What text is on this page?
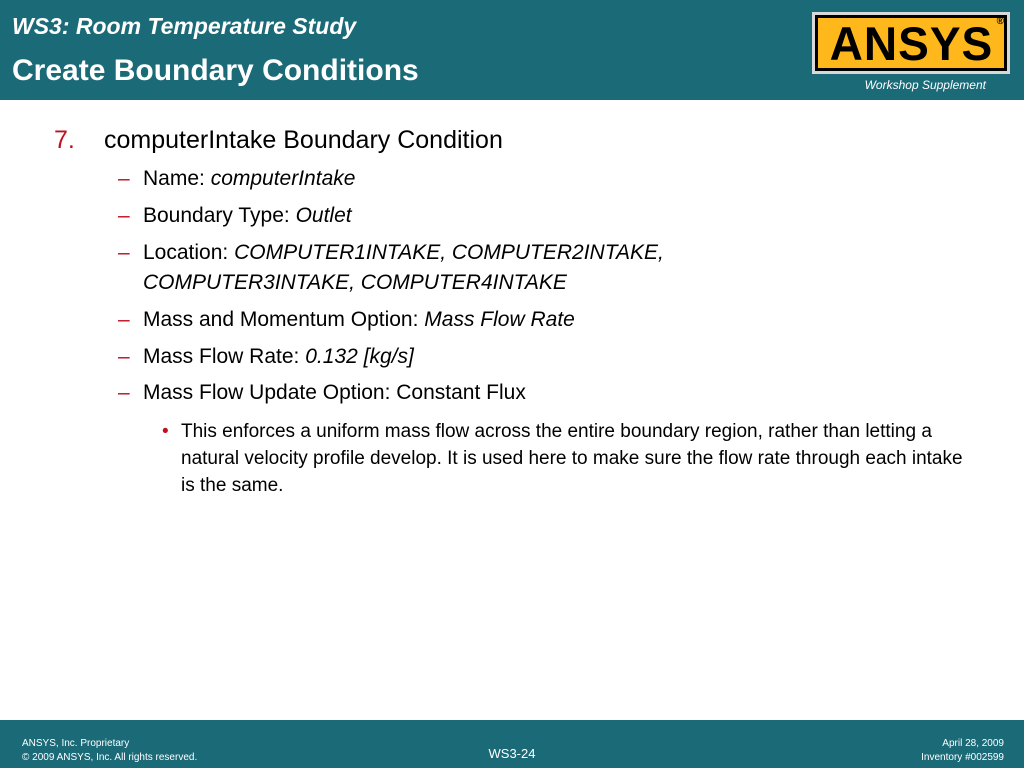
WS3: Room Temperature Study
Create Boundary Conditions
ANSYS ®
Workshop Supplement
7. computerIntake Boundary Condition
– Name: computerIntake
– Boundary Type: Outlet
– Location: COMPUTER1INTAKE, COMPUTER2INTAKE,
COMPUTER3INTAKE, COMPUTER4INTAKE
– Mass and Momentum Option: Mass Flow Rate
– Mass Flow Rate: 0.132 [kg/s]
– Mass Flow Update Option: Constant Flux
• This enforces a uniform mass flow across the entire boundary region, rather than letting a natural velocity profile develop. It is used here to make sure the flow rate through each intake is the same.
ANSYS, Inc. Proprietary
© 2009 ANSYS, Inc. All rights reserved.	WS3-24
April 28, 2009
Inventory #002599
